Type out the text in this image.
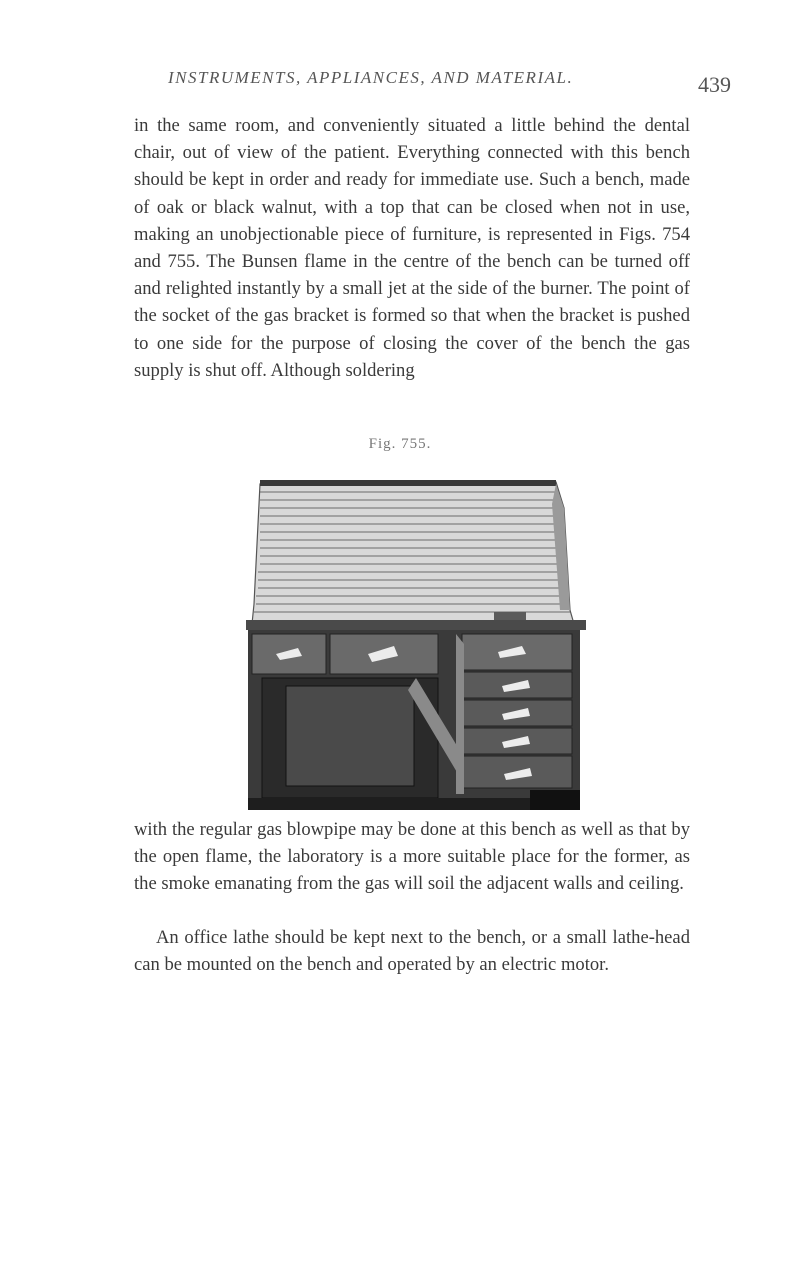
INSTRUMENTS, APPLIANCES, AND MATERIAL.	439

in the same room, and conveniently situated a little behind the dental chair, out of view of the patient. Everything connected with this bench should be kept in order and ready for immediate use. Such a bench, made of oak or black walnut, with a top that can be closed when not in use, making an unobjectionable piece of furniture, is represented in Figs. 754 and 755. The Bunsen flame in the centre of the bench can be turned off and relighted instantly by a small jet at the side of the burner. The point of the socket of the gas bracket is formed so that when the bracket is pushed to one side for the purpose of closing the cover of the bench the gas supply is shut off. Although soldering

Fig. 755.

with the regular gas blowpipe may be done at this bench as well as that by the open flame, the laboratory is a more suitable place for the former, as the smoke emanating from the gas will soil the adjacent walls and ceiling.

An office lathe should be kept next to the bench, or a small lathe-head can be mounted on the bench and operated by an electric motor.
